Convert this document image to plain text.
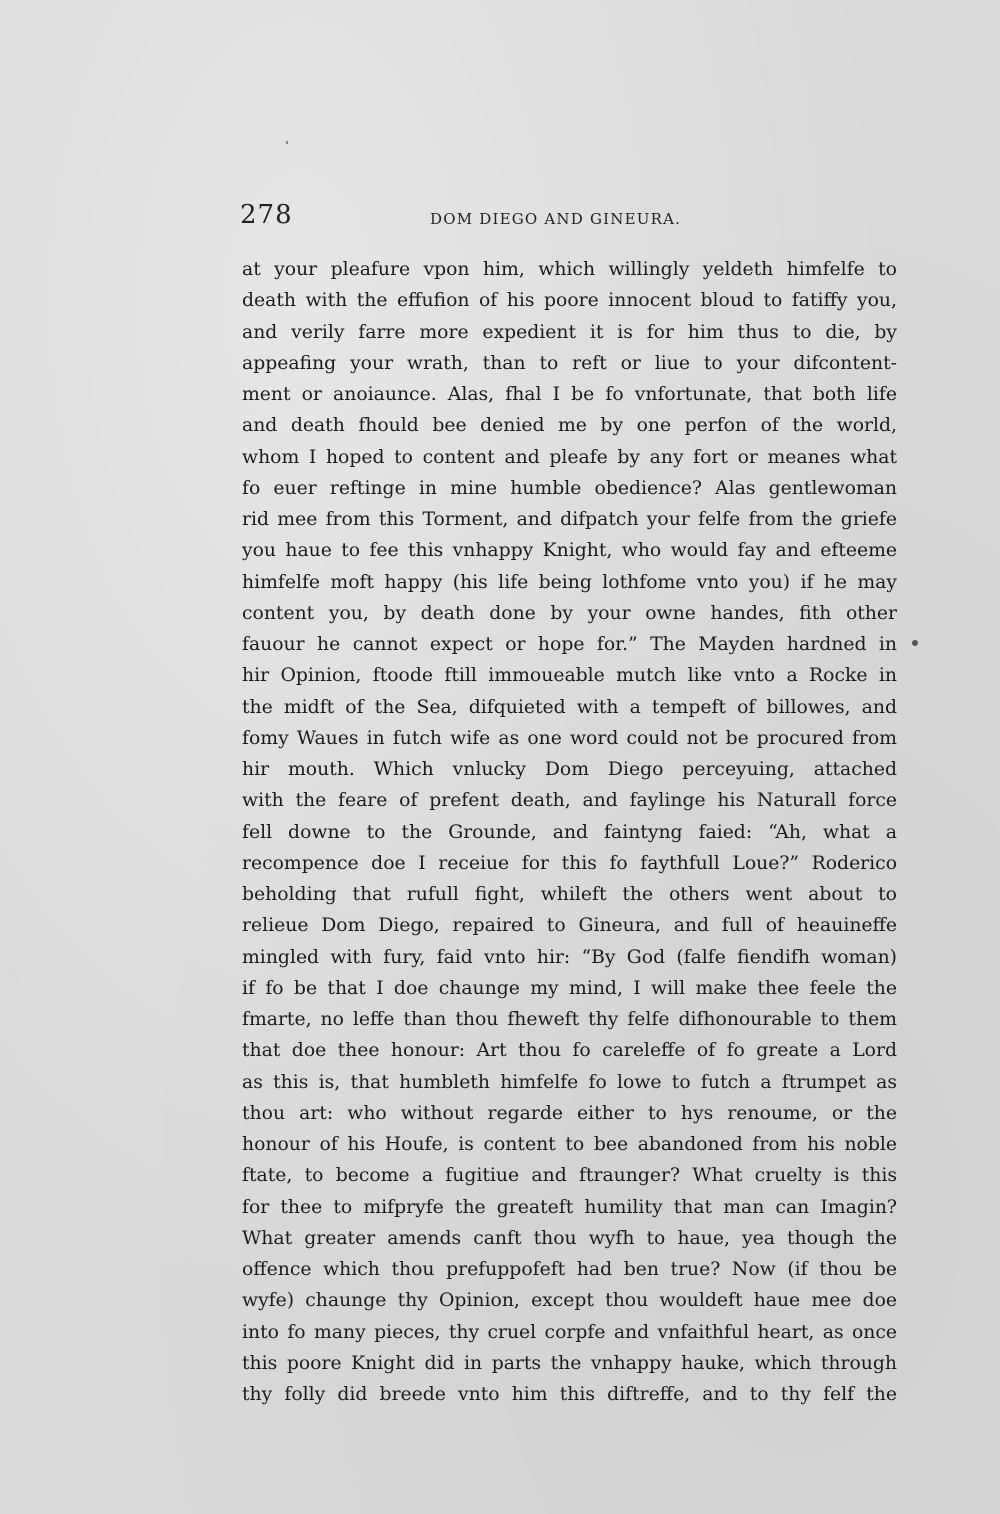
278	DOM DIEGO AND GINEURA.
at your pleafure vpon him, which willingly yeldeth himfelfe to
death with the effufion of his poore innocent bloud to fatiffy you,
and verily farre more expedient it is for him thus to die, by
appeafing your wrath, than to reft or liue to your difcontent-
ment or anoiaunce. Alas, fhal I be fo vnfortunate, that both life
and death fhould bee denied me by one perfon of the world,
whom I hoped to content and pleafe by any fort or meanes what
fo euer reftinge in mine humble obedience? Alas gentlewoman
rid mee from this Torment, and difpatch your felfe from the griefe
you haue to fee this vnhappy Knight, who would fay and efteeme
himfelfe moft happy (his life being lothfome vnto you) if he may
content you, by death done by your owne handes, fith other
fauour he cannot expect or hope for.” The Mayden hardned in
hir Opinion, ftoode ftill immoueable mutch like vnto a Rocke in
the midft of the Sea, difquieted with a tempeft of billowes, and
fomy Waues in futch wife as one word could not be procured from
hir mouth. Which vnlucky Dom Diego perceyuing, attached
with the feare of prefent death, and faylinge his Naturall force
fell downe to the Grounde, and faintyng faied: “Ah, what a
recompence doe I receiue for this fo faythfull Loue?” Roderico
beholding that rufull fight, whileft the others went about to
relieue Dom Diego, repaired to Gineura, and full of heauineffe
mingled with fury, faid vnto hir: “By God (falfe fiendifh woman)
if fo be that I doe chaunge my mind, I will make thee feele the
fmarte, no leffe than thou fheweft thy felfe difhonourable to them
that doe thee honour: Art thou fo careleffe of fo greate a Lord
as this is, that humbleth himfelfe fo lowe to futch a ftrumpet as
thou art: who without regarde either to hys renoume, or the
honour of his Houfe, is content to bee abandoned from his noble
ftate, to become a fugitiue and ftraunger? What cruelty is this
for thee to mifpryfe the greateft humility that man can Imagin?
What greater amends canft thou wyfh to haue, yea though the
offence which thou prefuppofeft had ben true? Now (if thou be
wyfe) chaunge thy Opinion, except thou wouldeft haue mee doe
into fo many pieces, thy cruel corpfe and vnfaithful heart, as once
this poore Knight did in parts the vnhappy hauke, which through
thy folly did breede vnto him this diftreffe, and to thy felf the
